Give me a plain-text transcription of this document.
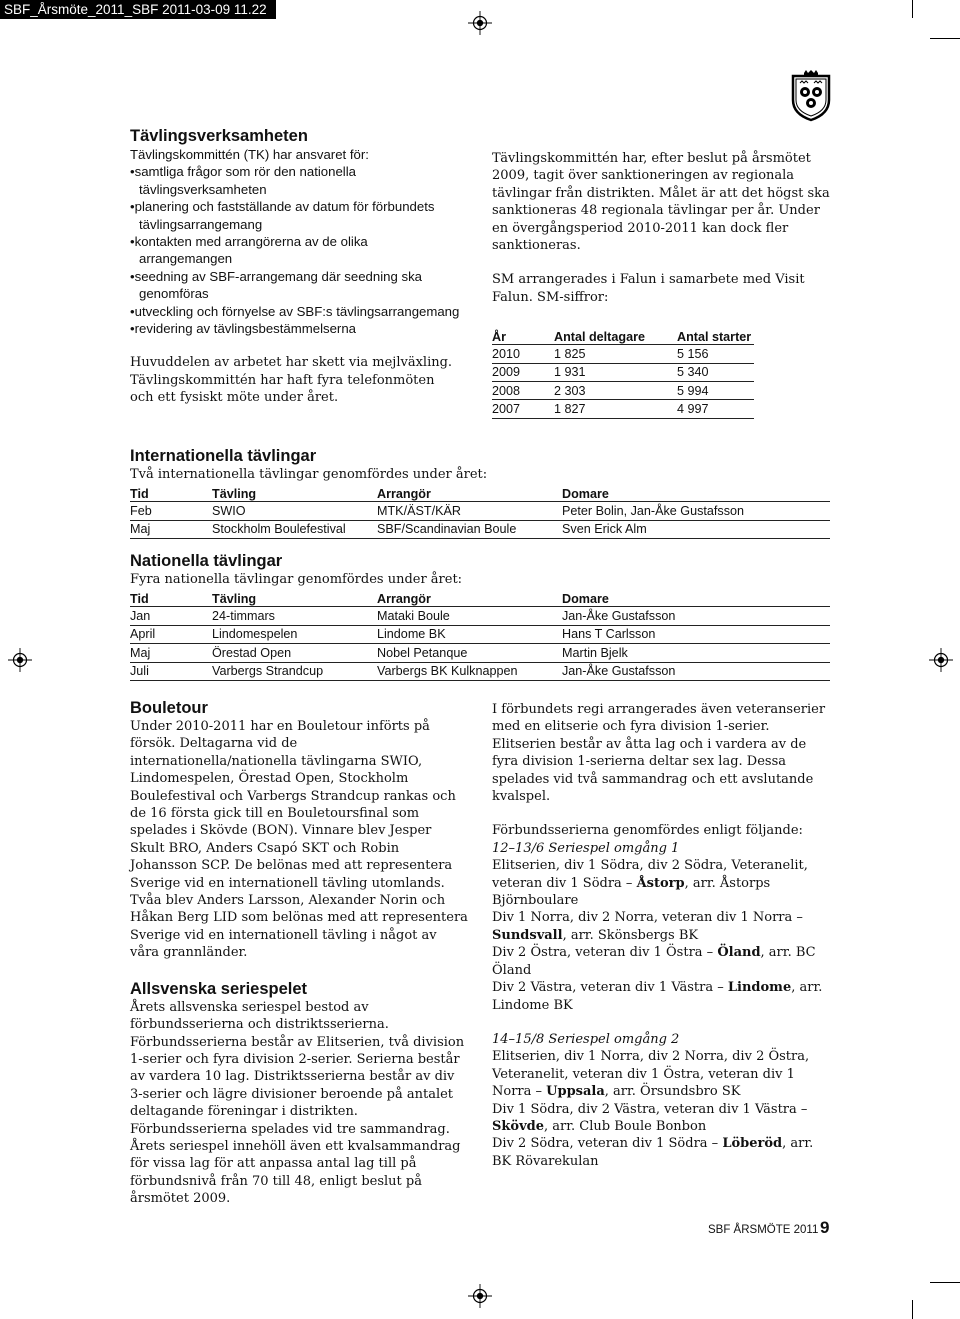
SBF_Årsmöte_2011_SBF 2011-03-09 11.22 Sida 9
Tävlingsverksamheten
Tävlingskommittén (TK) har ansvaret för:
• samtliga frågor som rör den nationella tävlingsverksamheten
• planering och fastställande av datum för förbundets tävlingsarrangemang
• kontakten med arrangörerna av de olika arrangemangen
• seedning av SBF-arrangemang där seedning ska genomföras
• utveckling och förnyelse av SBF:s tävlingsarrangemang
• revidering av tävlingsbestämmelserna

Huvuddelen av arbetet har skett via mejlväxling. Tävlingskommittén har haft fyra telefonmöten och ett fysiskt möte under året.

Tävlingskommittén har, efter beslut på årsmötet 2009, tagit över sanktioneringen av regionala tävlingar från distrikten. Målet är att det högst ska sanktioneras 48 regionala tävlingar per år. Under en övergångsperiod 2010-2011 kan dock fler sanktioneras.

SM arrangerades i Falun i samarbete med Visit Falun. SM-siffror:

År	Antal deltagare	Antal starter
2010	1 825	5 156
2009	1 931	5 340
2008	2 303	5 994
2007	1 827	4 997
Internationella tävlingar

Två internationella tävlingar genomfördes under året:

Tid	Tävling	Arrangör	Domare
Feb	SWIO	MTK/ÄST/KÄR	Peter Bolin, Jan-Åke Gustafsson
Maj	Stockholm Boulefestival	SBF/Scandinavian Boule	Sven Erick Alm
Nationella tävlingar

Fyra nationella tävlingar genomfördes under året:

Tid	Tävling	Arrangör	Domare
Jan	24-timmars	Mataki Boule	Jan-Åke Gustafsson
April	Lindomespelen	Lindome BK	Hans T Carlsson
Maj	Örestad Open	Nobel Petanque	Martin Bjelk
Juli	Varbergs Strandcup	Varbergs BK Kulknappen	Jan-Åke Gustafsson
Bouletour

Under 2010-2011 har en Bouletour införts på försök. Deltagarna vid de internationella/nationella tävlingarna SWIO, Lindomespelen, Örestad Open, Stockholm Boulefestival och Varbergs Strandcup rankas och de 16 första gick till en Bouletoursfinal som spelades i Skövde (BON). Vinnare blev Jesper Skult BRO, Anders Csapó SKT och Robin Johansson SCP. De belönas med att representera Sverige vid en internationell tävling utomlands. Tvåa blev Anders Larsson, Alexander Norin och Håkan Berg LID som belönas med att representera Sverige vid en internationell tävling i något av våra grannländer.

Allsvenska seriespelet

Årets allsvenska seriespel bestod av förbundsserierna och distriktsserierna. Förbundsserierna består av Elitserien, två division 1-serier och fyra division 2-serier. Serierna består av vardera 10 lag. Distriktsserierna består av div 3-serier och lägre divisioner beroende på antalet deltagande föreningar i distrikten. Förbundsserierna spelades vid tre sammandrag. Årets seriespel innehöll även ett kvalsammandrag för vissa lag för att anpassa antal lag till på förbundsnivå från 70 till 48, enligt beslut på årsmötet 2009.

I förbundets regi arrangerades även veteranserier med en elitserie och fyra division 1-serier. Elitserien består av åtta lag och i vardera av de fyra division 1-serierna deltar sex lag. Dessa spelades vid två sammandrag och ett avslutande kvalspel.

Förbundsserierna genomfördes enligt följande:

12–13/6 Seriespel omgång 1

Elitserien, div 1 Södra, div 2 Södra, Veteranelit, veteran div 1 Södra – Åstorp, arr. Åstorps Björnboulare

Div 1 Norra, div 2 Norra, veteran div 1 Norra – Sundsvall, arr. Skönsbergs BK

Div 2 Östra, veteran div 1 Östra – Öland, arr. BC Öland

Div 2 Västra, veteran div 1 Västra – Lindome, arr. Lindome BK

14–15/8 Seriespel omgång 2

Elitserien, div 1 Norra, div 2 Norra, div 2 Östra, Veteranelit, veteran div 1 Östra, veteran div 1 Norra – Uppsala, arr. Örsundsbro SK

Div 1 Södra, div 2 Västra, veteran div 1 Västra – Skövde, arr. Club Boule Bonbon

Div 2 Södra, veteran div 1 Södra – Löberöd, arr. BK Rövarekulan

SBF ÅRSMÖTE 2011 9
